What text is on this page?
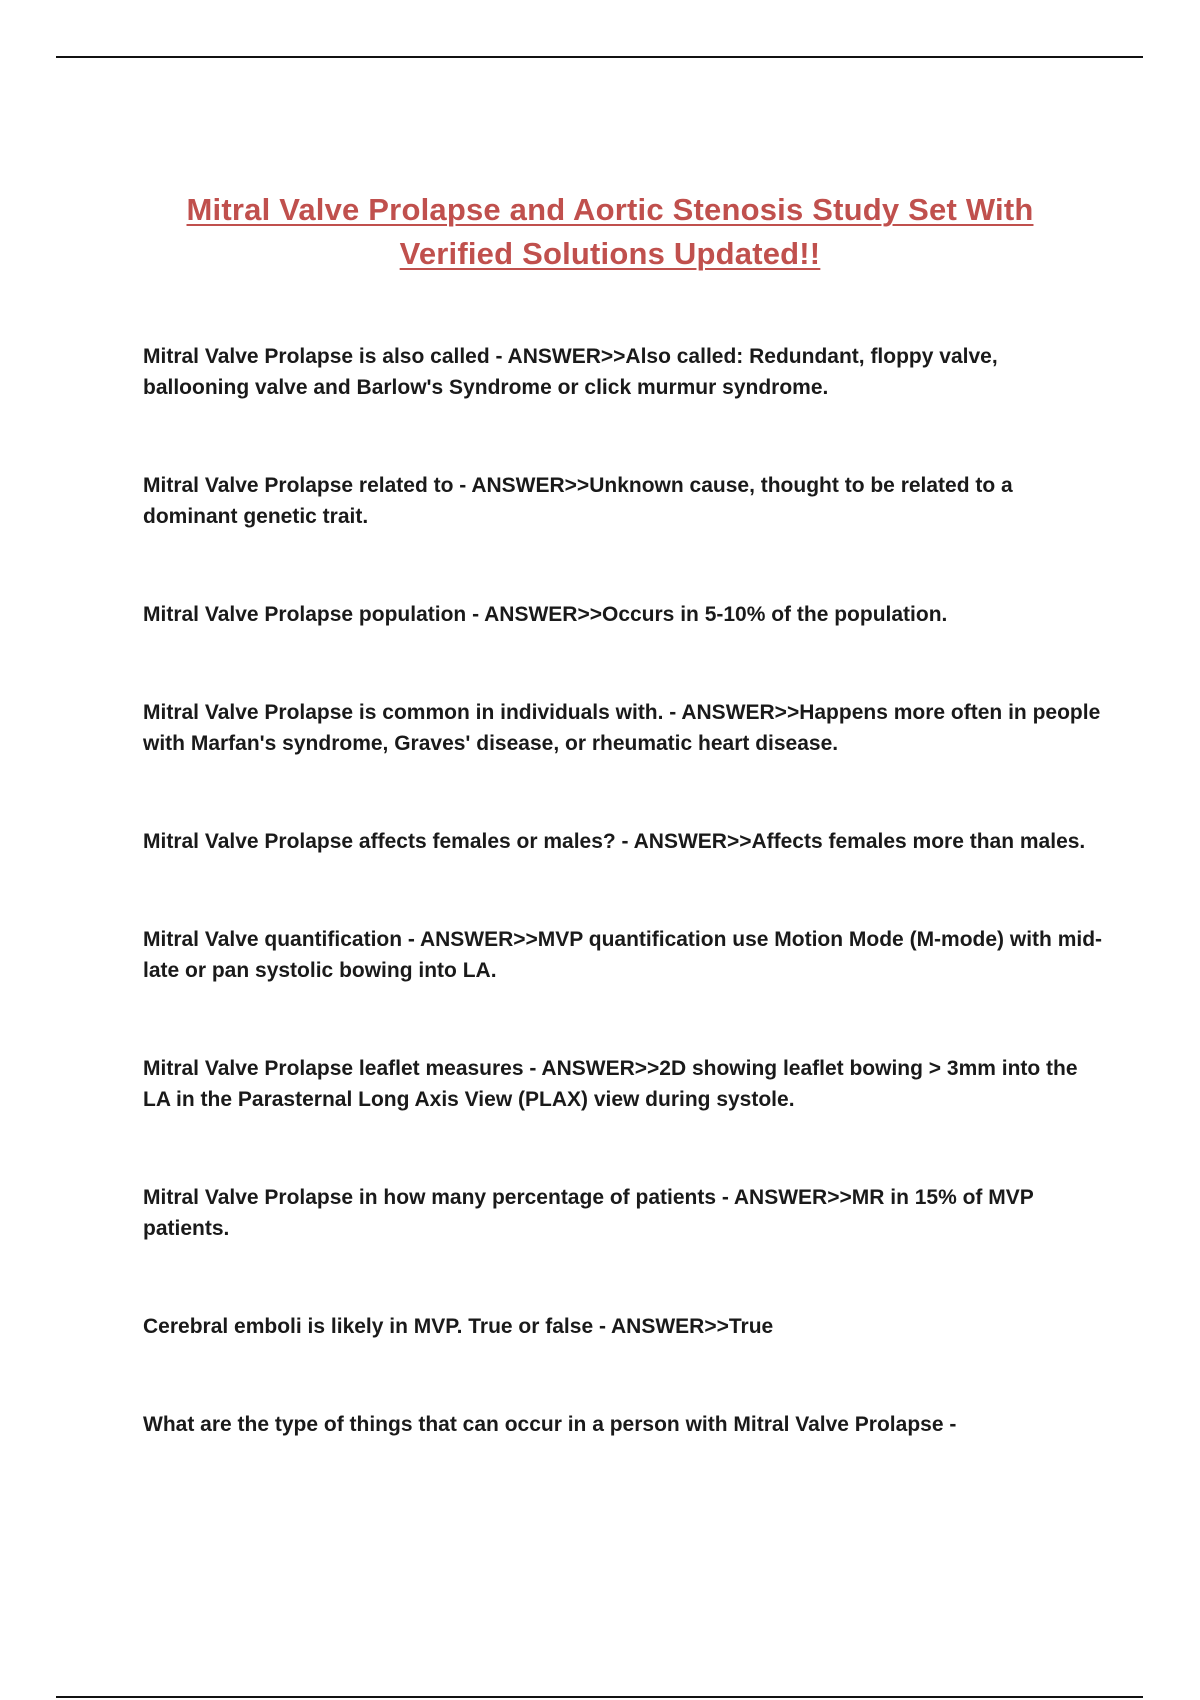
Mitral Valve Prolapse and Aortic Stenosis Study Set With
Verified Solutions Updated!!

Mitral Valve Prolapse is also called - ANSWER>>Also called: Redundant, floppy valve, ballooning valve and Barlow's Syndrome or click murmur syndrome.

Mitral Valve Prolapse related to - ANSWER>>Unknown cause, thought to be related to a dominant genetic trait.

Mitral Valve Prolapse population - ANSWER>>Occurs in 5-10% of the population.

Mitral Valve Prolapse is common in individuals with. - ANSWER>>Happens more often in people with Marfan's syndrome, Graves' disease, or rheumatic heart disease.

Mitral Valve Prolapse affects females or males? - ANSWER>>Affects females more than males.

Mitral Valve quantification - ANSWER>>MVP quantification use Motion Mode (M-mode) with mid-late or pan systolic bowing into LA.

Mitral Valve Prolapse leaflet measures - ANSWER>>2D showing leaflet bowing > 3mm into the LA in the Parasternal Long Axis View (PLAX) view during systole.

Mitral Valve Prolapse in how many percentage of patients - ANSWER>>MR in 15% of MVP patients.

Cerebral emboli is likely in MVP. True or false - ANSWER>>True

What are the type of things that can occur in a person with Mitral Valve Prolapse -
